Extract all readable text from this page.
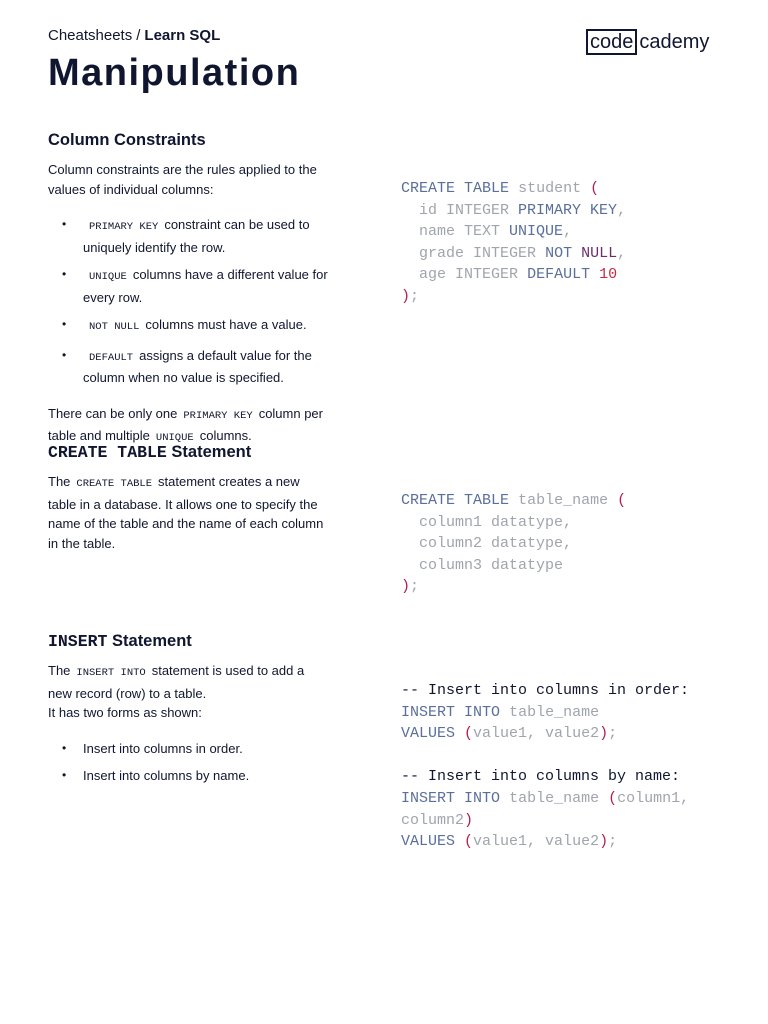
Cheatsheets / Learn SQL	code cademy
Manipulation
Column Constraints

Column constraints are the rules applied to the values of individual columns:

• PRIMARY KEY constraint can be used to uniquely identify the row.
• UNIQUE columns have a different value for every row.
• NOT NULL columns must have a value.
• DEFAULT assigns a default value for the column when no value is specified.

There can be only one PRIMARY KEY column per table and multiple UNIQUE columns.

CREATE TABLE student (
id INTEGER PRIMARY KEY,
name TEXT UNIQUE,
grade INTEGER NOT NULL,
age INTEGER DEFAULT 10
);
CREATE TABLE Statement

The CREATE TABLE statement creates a new table in a database. It allows one to specify the name of the table and the name of each column in the table.

CREATE TABLE table_name (
column1 datatype,
column2 datatype,
column3 datatype
);
INSERT Statement

The INSERT INTO statement is used to add a new record (row) to a table.

It has two forms as shown:

• Insert into columns in order.
• Insert into columns by name.
-- Insert into columns in order:
INSERT INTO table_name
VALUES (value1, value2);

-- Insert into columns by name:
INSERT INTO table_name (column1,
column2)
VALUES (value1, value2);
